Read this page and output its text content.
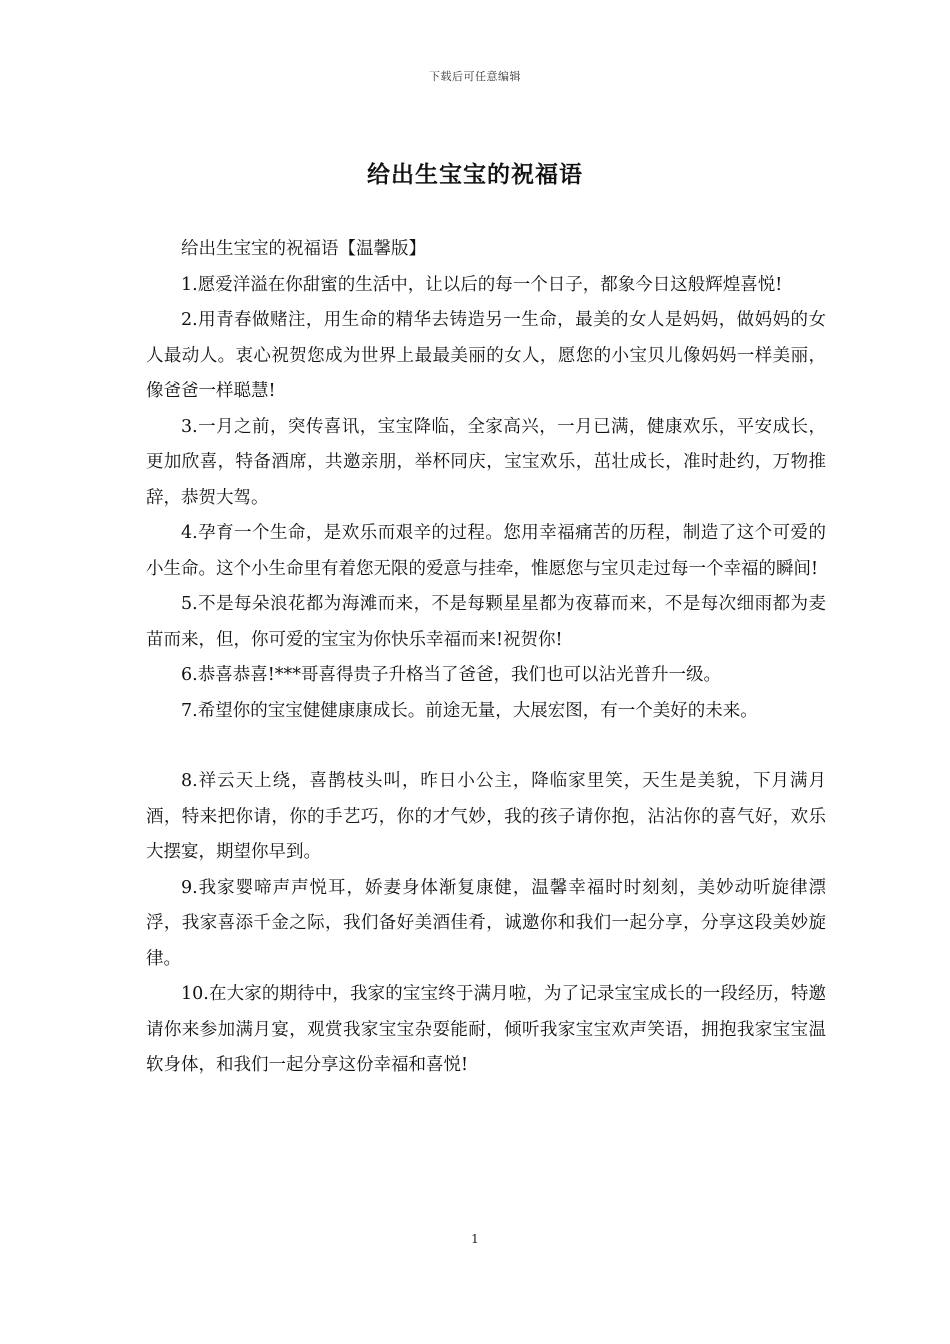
下载后可任意编辑
给出生宝宝的祝福语

给出生宝宝的祝福语【温馨版】

1.愿爱洋溢在你甜蜜的生活中，让以后的每一个日子，都象今日这般辉煌喜悦!

2.用青春做赌注，用生命的精华去铸造另一生命，最美的女人是妈妈，做妈妈的女人最动人。衷心祝贺您成为世界上最最美丽的女人，愿您的小宝贝儿像妈妈一样美丽，像爸爸一样聪慧!

3.一月之前，突传喜讯，宝宝降临，全家高兴，一月已满，健康欢乐，平安成长，更加欣喜，特备酒席，共邀亲朋，举杯同庆，宝宝欢乐，茁壮成长，准时赴约，万物推辞，恭贺大驾。

4.孕育一个生命，是欢乐而艰辛的过程。您用幸福痛苦的历程，制造了这个可爱的小生命。这个小生命里有着您无限的爱意与挂牵，惟愿您与宝贝走过每一个幸福的瞬间!

5.不是每朵浪花都为海滩而来，不是每颗星星都为夜幕而来，不是每次细雨都为麦苗而来，但，你可爱的宝宝为你快乐幸福而来!祝贺你!

6.恭喜恭喜!***哥喜得贵子升格当了爸爸，我们也可以沾光普升一级。

7.希望你的宝宝健健康康成长。前途无量，大展宏图，有一个美好的未来。

8.祥云天上绕，喜鹊枝头叫，昨日小公主，降临家里笑，天生是美貌，下月满月酒，特来把你请，你的手艺巧，你的才气妙，我的孩子请你抱，沾沾你的喜气好，欢乐大摆宴，期望你早到。

9.我家婴啼声声悦耳，娇妻身体渐复康健，温馨幸福时时刻刻，美妙动听旋律漂浮，我家喜添千金之际，我们备好美酒佳肴，诚邀你和我们一起分享，分享这段美妙旋律。

10.在大家的期待中，我家的宝宝终于满月啦，为了记录宝宝成长的一段经历，特邀请你来参加满月宴，观赏我家宝宝杂耍能耐，倾听我家宝宝欢声笑语，拥抱我家宝宝温软身体，和我们一起分享这份幸福和喜悦!

1
